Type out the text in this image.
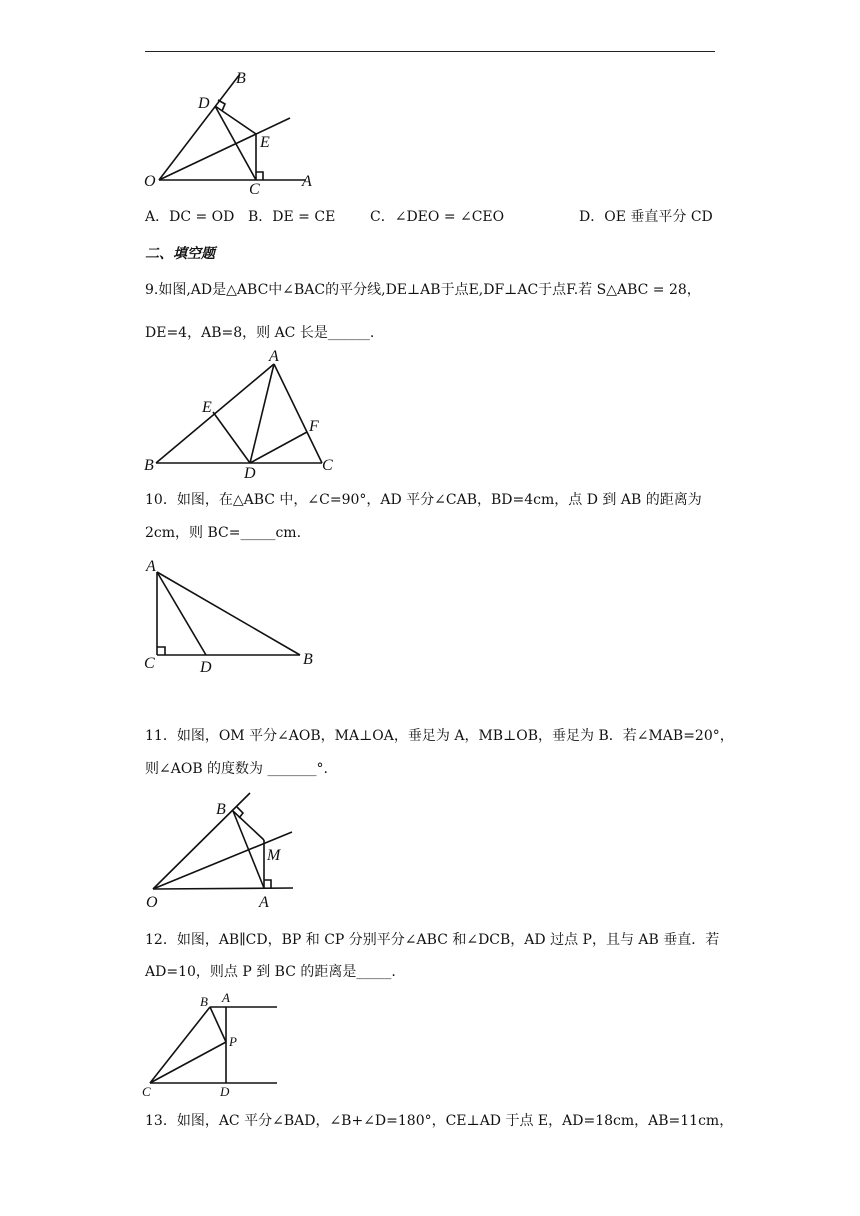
B
D
E
O	C	A
A．DC = OD B．DE = CE C．∠DEO = ∠CEO	D．OE 垂直平分 CD
二、填空题
9.如图,AD是△ABC中∠BAC的平分线,DE⊥AB于点E,DF⊥AC于点F.若 S△ABC = 28，
DE=4，AB=8，则 AC 长是______.
A
E
F
B	D	C
10．如图，在△ABC 中，∠C=90°，AD 平分∠CAB，BD=4cm，点 D 到 AB 的距离为
2cm，则 BC=_____cm.
A
C	D	B
11．如图，OM 平分∠AOB，MA⊥OA，垂足为 A，MB⊥OB，垂足为 B．若∠MAB=20°，
则∠AOB 的度数为 _______°.
B
M
O	A
12．如图，AB∥CD，BP 和 CP 分别平分∠ABC 和∠DCB，AD 过点 P，且与 AB 垂直．若
AD=10，则点 P 到 BC 的距离是_____.
B A
P
C	D
13．如图，AC 平分∠BAD，∠B+∠D=180°，CE⊥AD 于点 E，AD=18cm，AB=11cm，
